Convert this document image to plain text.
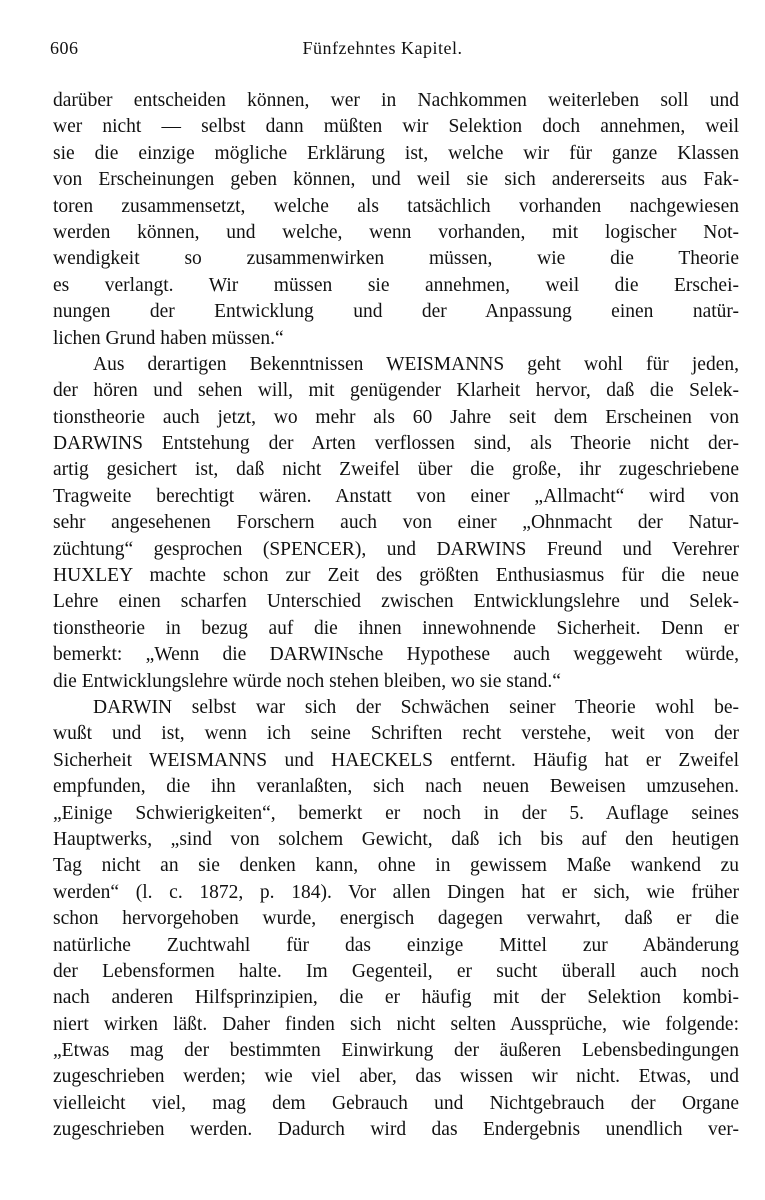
606	Fünfzehntes Kapitel.
darüber entscheiden können, wer in Nachkommen weiterleben soll und
wer nicht — selbst dann müßten wir Selektion doch annehmen, weil
sie die einzige mögliche Erklärung ist, welche wir für ganze Klassen
von Erscheinungen geben können, und weil sie sich andererseits aus Fak-
toren zusammensetzt, welche als tatsächlich vorhanden nachgewiesen
werden können, und welche, wenn vorhanden, mit logischer Not-
wendigkeit so zusammenwirken müssen, wie die Theorie
es verlangt. Wir müssen sie annehmen, weil die Erschei-
nungen der Entwicklung und der Anpassung einen natür-
lichen Grund haben müssen.“
Aus derartigen Bekenntnissen WEISMANNS geht wohl für jeden,
der hören und sehen will, mit genügender Klarheit hervor, daß die Selek-
tionstheorie auch jetzt, wo mehr als 60 Jahre seit dem Erscheinen von
DARWINS Entstehung der Arten verflossen sind, als Theorie nicht der-
artig gesichert ist, daß nicht Zweifel über die große, ihr zugeschriebene
Tragweite berechtigt wären. Anstatt von einer „Allmacht“ wird von
sehr angesehenen Forschern auch von einer „Ohnmacht der Natur-
züchtung“ gesprochen (SPENCER), und DARWINS Freund und Verehrer
HUXLEY machte schon zur Zeit des größten Enthusiasmus für die neue
Lehre einen scharfen Unterschied zwischen Entwicklungslehre und Selek-
tionstheorie in bezug auf die ihnen innewohnende Sicherheit. Denn er
bemerkt: „Wenn die DARWINsche Hypothese auch weggeweht würde,
die Entwicklungslehre würde noch stehen bleiben, wo sie stand.“
DARWIN selbst war sich der Schwächen seiner Theorie wohl be-
wußt und ist, wenn ich seine Schriften recht verstehe, weit von der
Sicherheit WEISMANNS und HAECKELS entfernt. Häufig hat er Zweifel
empfunden, die ihn veranlaßten, sich nach neuen Beweisen umzusehen.
„Einige Schwierigkeiten“, bemerkt er noch in der 5. Auflage seines
Hauptwerks, „sind von solchem Gewicht, daß ich bis auf den heutigen
Tag nicht an sie denken kann, ohne in gewissem Maße wankend zu
werden“ (l. c. 1872, p. 184). Vor allen Dingen hat er sich, wie früher
schon hervorgehoben wurde, energisch dagegen verwahrt, daß er die
natürliche Zuchtwahl für das einzige Mittel zur Abänderung
der Lebensformen halte. Im Gegenteil, er sucht überall auch noch
nach anderen Hilfsprinzipien, die er häufig mit der Selektion kombi-
niert wirken läßt. Daher finden sich nicht selten Aussprüche, wie folgende:
„Etwas mag der bestimmten Einwirkung der äußeren Lebensbedingungen
zugeschrieben werden; wie viel aber, das wissen wir nicht. Etwas, und
vielleicht viel, mag dem Gebrauch und Nichtgebrauch der Organe
zugeschrieben werden. Dadurch wird das Endergebnis unendlich ver-
